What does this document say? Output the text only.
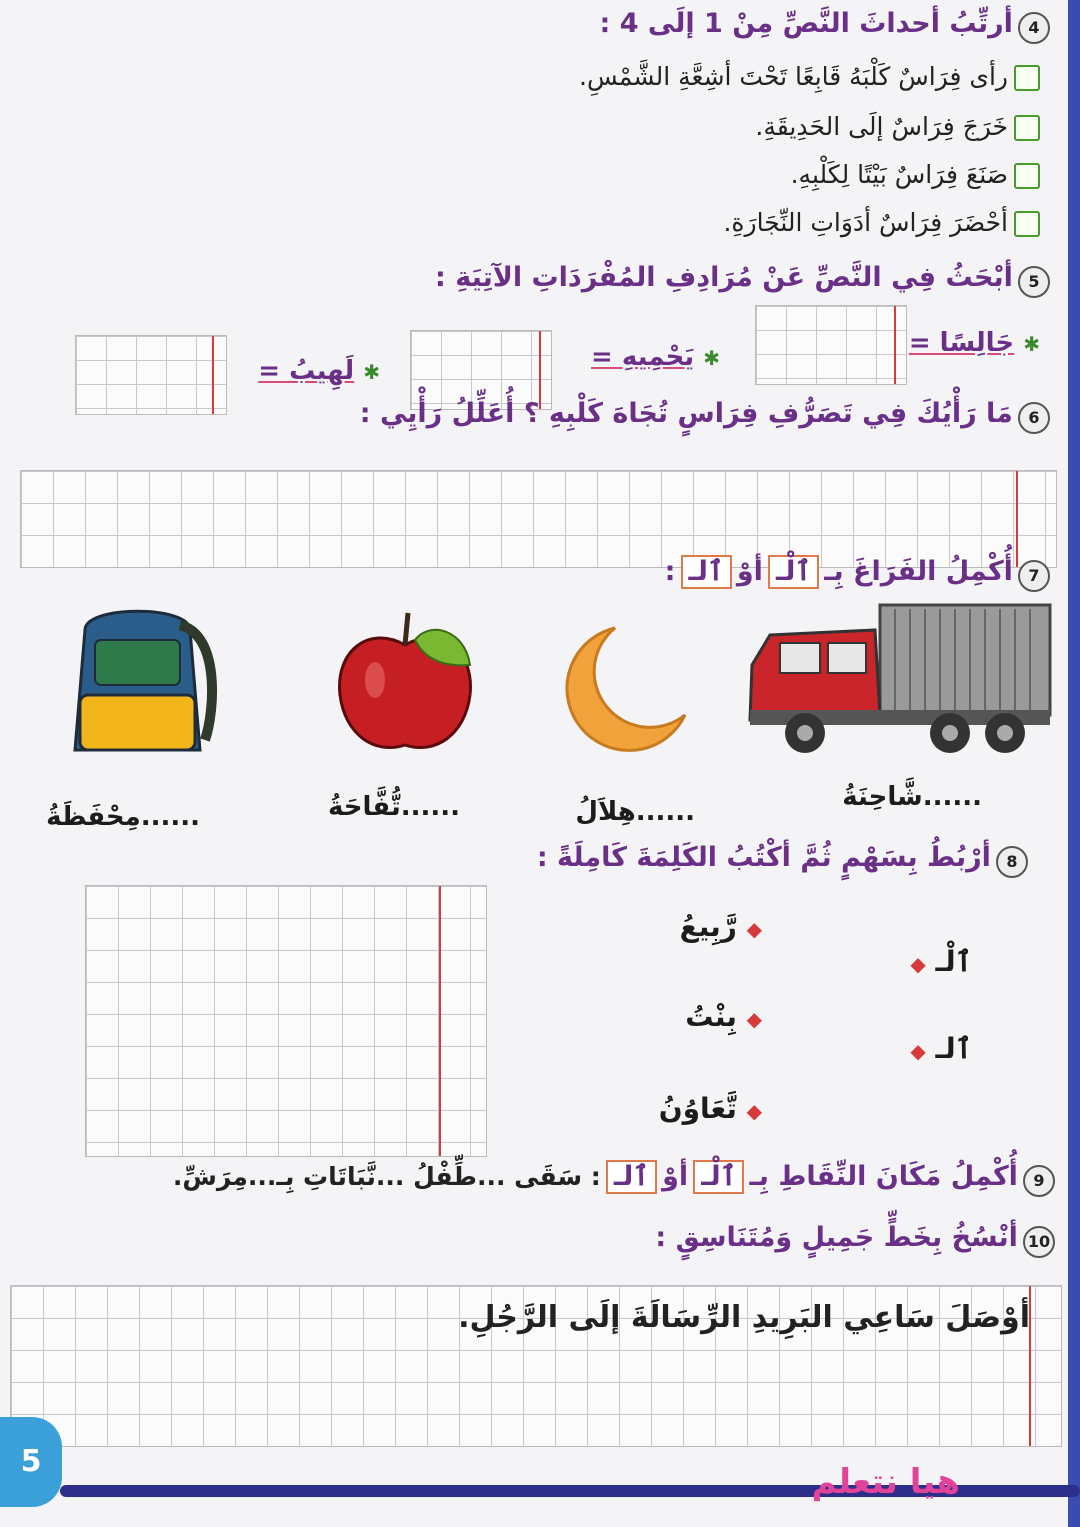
4 أرتِّبُ أحداثَ النَّصِّ مِنْ 1 إلَى 4 :
رأى فِرَاسٌ كَلْبَهُ قَابِعًا تَحْتَ أشِعَّةِ الشَّمْسِ.
خَرَجَ فِرَاسٌ إلَى الحَدِيقَةِ.
صَنَعَ فِرَاسٌ بَيْتًا لِكَلْبِهِ.
أحْضَرَ فِرَاسٌ أدَوَاتِ النِّجَارَةِ.
5 أبْحَثُ فِي النَّصِّ عَنْ مُرَادِفِ المُفْرَدَاتِ الآتِيَةِ :
✱ جَالِسًا =
✱ يَحْمِيهِ =
✱ لَهِيبُ =
6 مَا رَأْيُكَ فِي تَصَرُّفِ فِرَاسٍ تُجَاهَ كَلْبِهِ ؟ أُعَلِّلُ رَأْيِي :
7 أُكْمِلُ الفَرَاغَ بِـ ٱلْـ أوْ ٱلـ :
......شَّاحِنَةُ
......هِلاَلُ
......تُّفَّاحَةُ
......مِحْفَظَةُ
8 أرْبُطُ بِسَهْمٍ ثُمَّ أكْتُبُ الكَلِمَةَ كَامِلَةً :
◆ رَّبِيعُ
◆ بِنْتُ
◆ تَّعَاوُنُ
ٱلْـ ◆
ٱلـ ◆
9 أُكْمِلُ مَكَانَ النِّقَاطِ بِـ ٱلْـ أوْ ٱلـ : سَقَى ...طِّفْلُ ...نَّبَاتَاتِ بِـ...مِرَشِّ.
10 أنْسُخُ بِخَطٍّ جَمِيلٍ وَمُتَنَاسِقٍ :
أوْصَلَ سَاعِي البَرِيدِ الرِّسَالَةَ إلَى الرَّجُلِ.
5
هيا نتعلم
